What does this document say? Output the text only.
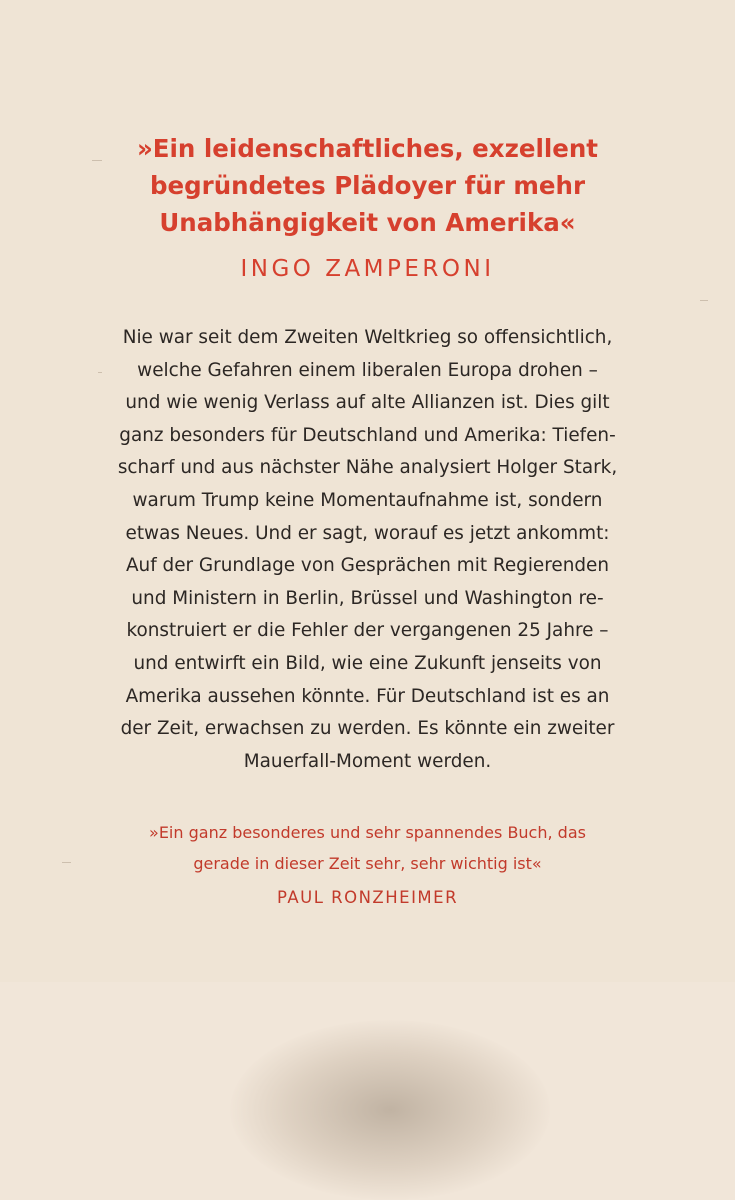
»Ein leidenschaftliches, exzellent
begründetes Plädoyer für mehr
Unabhängigkeit von Amerika«
INGO ZAMPERONI
Nie war seit dem Zweiten Weltkrieg so offensichtlich,
welche Gefahren einem liberalen Europa drohen –
und wie wenig Verlass auf alte Allianzen ist. Dies gilt
ganz besonders für Deutschland und Amerika: Tiefen-
scharf und aus nächster Nähe analysiert Holger Stark,
warum Trump keine Momentaufnahme ist, sondern
etwas Neues. Und er sagt, worauf es jetzt ankommt:
Auf der Grundlage von Gesprächen mit Regierenden
und Ministern in Berlin, Brüssel und Washington re-
konstruiert er die Fehler der vergangenen 25 Jahre –
und entwirft ein Bild, wie eine Zukunft jenseits von
Amerika aussehen könnte. Für Deutschland ist es an
der Zeit, erwachsen zu werden. Es könnte ein zweiter
Mauerfall-Moment werden.
»Ein ganz besonderes und sehr spannendes Buch, das
gerade in dieser Zeit sehr, sehr wichtig ist«
PAUL RONZHEIMER
